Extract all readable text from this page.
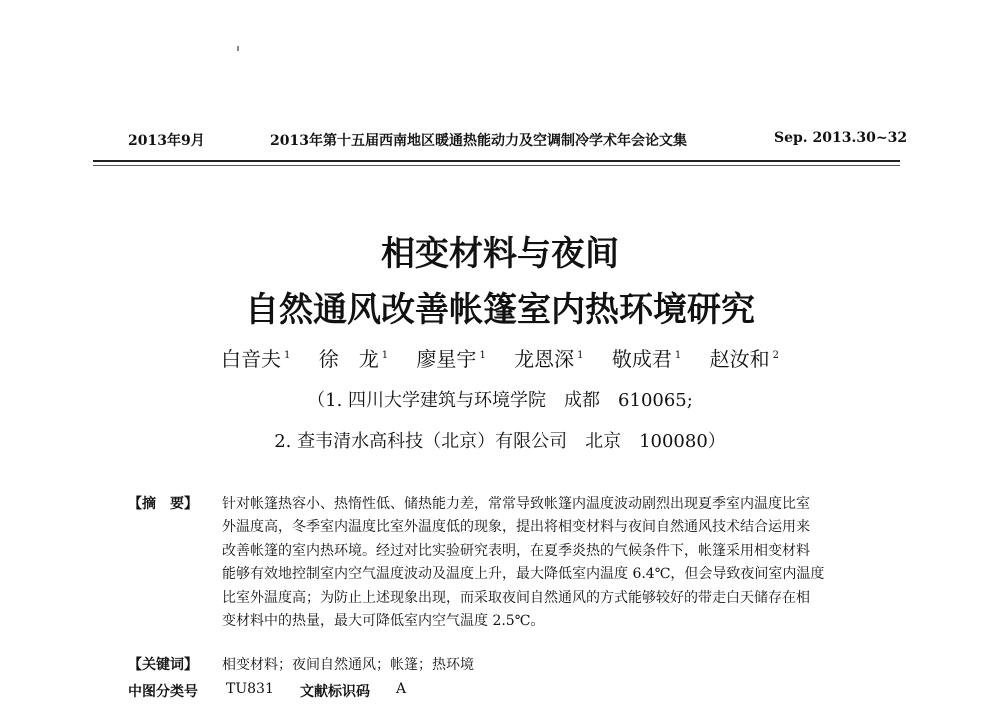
2013年9月	2013年第十五届西南地区暖通热能动力及空调制冷学术年会论文集	Sep. 2013.30~32
相变材料与夜间
自然通风改善帐篷室内热环境研究
白音夫 $^1$ 徐　龙 $^1$ 廖星宇 $^1$ 龙恩深 $^1$ 敬成君 $^1$ 赵汝和 $^2$
（1. 四川大学建筑与环境学院　成都　610065;
2. 查韦清水高科技（北京）有限公司　北京　100080）
【摘　要】 针对帐篷热容小、热惰性低、储热能力差，常常导致帐篷内温度波动剧烈出现夏季室内温度比室
外温度高，冬季室内温度比室外温度低的现象，提出将相变材料与夜间自然通风技术结合运用来
改善帐篷的室内热环境。经过对比实验研究表明，在夏季炎热的气候条件下，帐篷采用相变材料
能够有效地控制室内空气温度波动及温度上升，最大降低室内温度 6.4℃，但会导致夜间室内温度
比室外温度高；为防止上述现象出现，而采取夜间自然通风的方式能够较好的带走白天储存在相
变材料中的热量，最大可降低室内空气温度 2.5℃。
【关键词】 相变材料；夜间自然通风；帐篷；热环境
中图分类号 TU831 文献标识码 A
